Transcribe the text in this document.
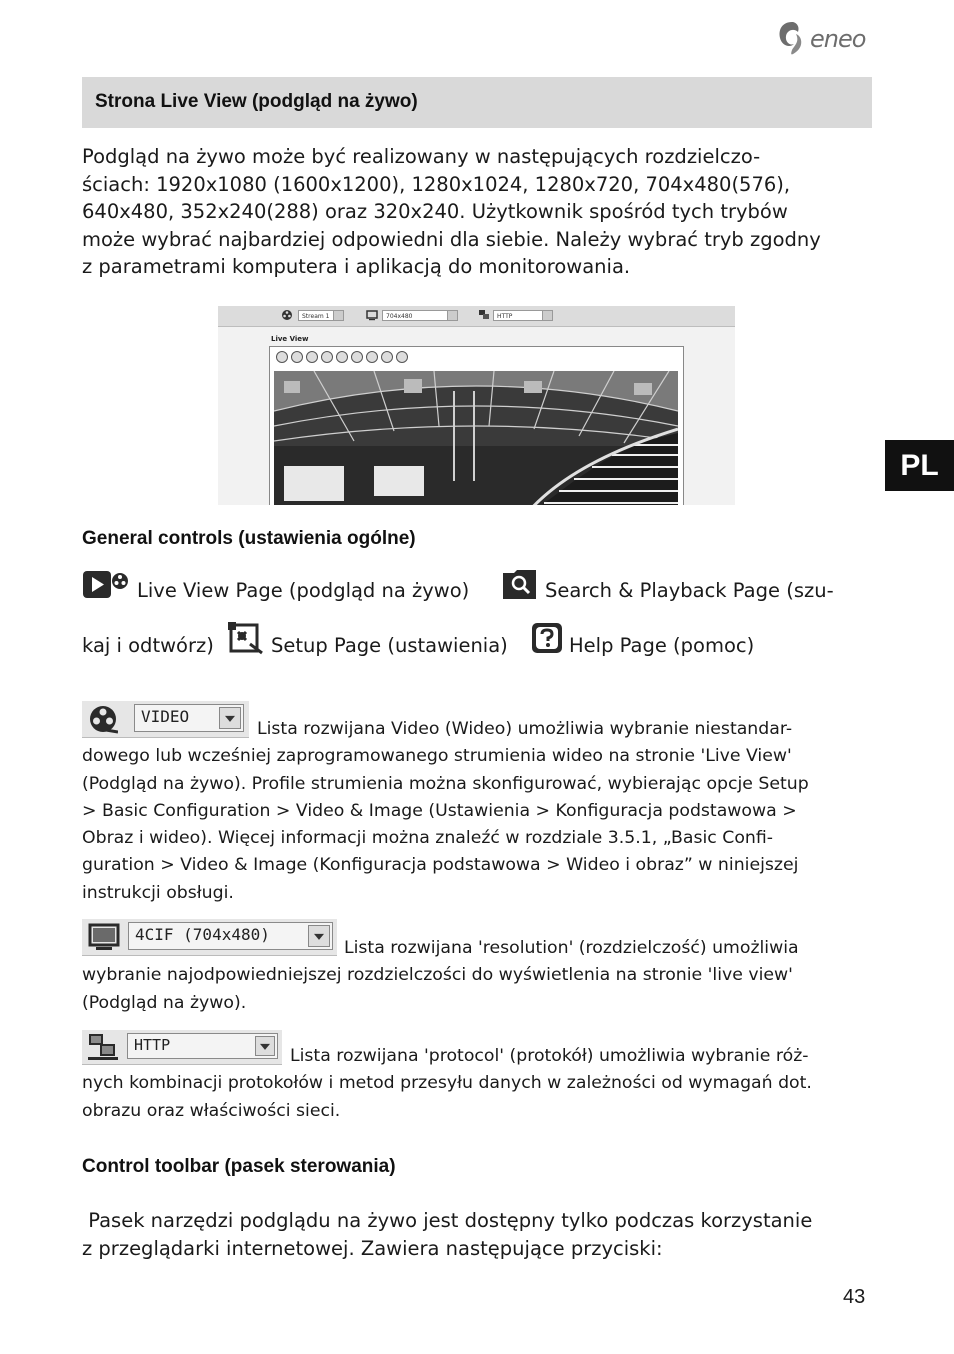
eneo
PL
Strona Live View (podgląd na żywo)

Podgląd na żywo może być realizowany w następujących rozdzielczo-

ściach: 1920x1080 (1600x1200), 1280x1024, 1280x720, 704x480(576),

640x480, 352x240(288) oraz 320x240. Użytkownik spośród tych trybów

może wybrać najbardziej odpowiedni dla siebie. Należy wybrać tryb zgodny

z parametrami komputera i aplikacją do monitorowania.

Stream 1	704x480	HTTP
Live View
General controls (ustawienia ogólne)
Live View Page (podgląd na żywo)	Search & Playback Page (szu-
kaj i odtwórz)	Setup Page (ustawienia)	Help Page (pomoc)
VIDEO

Lista rozwijana Video (Wideo) umożliwia wybranie niestandar-

dowego lub wcześniej zaprogramowanego strumienia wideo na stronie 'Live View'

(Podgląd na żywo). Profile strumienia można skonfigurować, wybierając opcje Setup

> Basic Configuration > Video & Image (Ustawienia > Konfiguracja podstawowa >

Obraz i wideo). Więcej informacji można znaleźć w rozdziale 3.5.1, „Basic Confi-

guration > Video & Image (Konfiguracja podstawowa > Wideo i obraz” w niniejszej

instrukcji obsługi.

4CIF (704x480)

Lista rozwijana 'resolution' (rozdzielczość) umożliwia

wybranie najodpowiedniejszej rozdzielczości do wyświetlenia na stronie 'live view'

(Podgląd na żywo).

HTTP

Lista rozwijana 'protocol' (protokół) umożliwia wybranie róż-

nych kombinacji protokołów i metod przesyłu danych w zależności od wymagań dot.

obrazu oraz właściwości sieci.

Control toolbar (pasek sterowania)

Pasek narzędzi podglądu na żywo jest dostępny tylko podczas korzystanie

z przeglądarki internetowej. Zawiera następujące przyciski:

43
